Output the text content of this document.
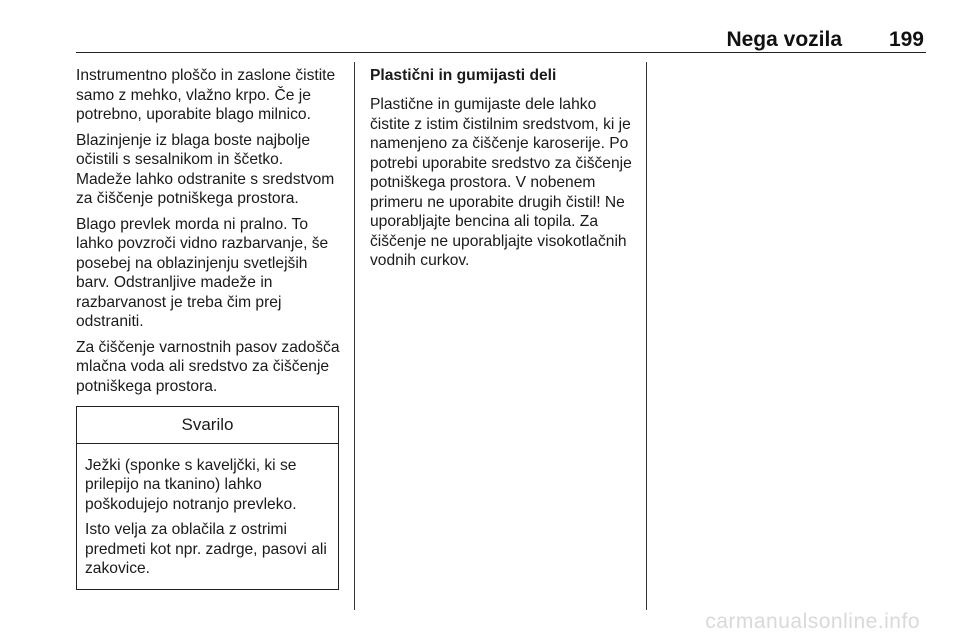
Nega vozila 199

Instrumentno ploščo in zaslone čistite samo z mehko, vlažno krpo. Če je potrebno, uporabite blago milnico.

Blazinjenje iz blaga boste najbolje očistili s sesalnikom in ščetko. Madeže lahko odstranite s sredstvom za čiščenje potniškega prostora.

Blago prevlek morda ni pralno. To lahko povzroči vidno razbarvanje, še posebej na oblazinjenju svetlejših barv. Odstranljive madeže in razbarvanost je treba čim prej odstraniti.

Za čiščenje varnostnih pasov zadošča mlačna voda ali sredstvo za čiščenje potniškega prostora.

Svarilo

Ježki (sponke s kaveljčki, ki se prilepijo na tkanino) lahko poškodujejo notranjo prevleko.

Isto velja za oblačila z ostrimi predmeti kot npr. zadrge, pasovi ali zakovice.

Plastični in gumijasti deli

Plastične in gumijaste dele lahko čistite z istim čistilnim sredstvom, ki je namenjeno za čiščenje karoserije. Po potrebi uporabite sredstvo za čiščenje potniškega prostora. V nobenem primeru ne uporabite drugih čistil! Ne uporabljajte bencina ali topila. Za čiščenje ne uporabljajte visokotlačnih vodnih curkov.

carmanualsonline.info
